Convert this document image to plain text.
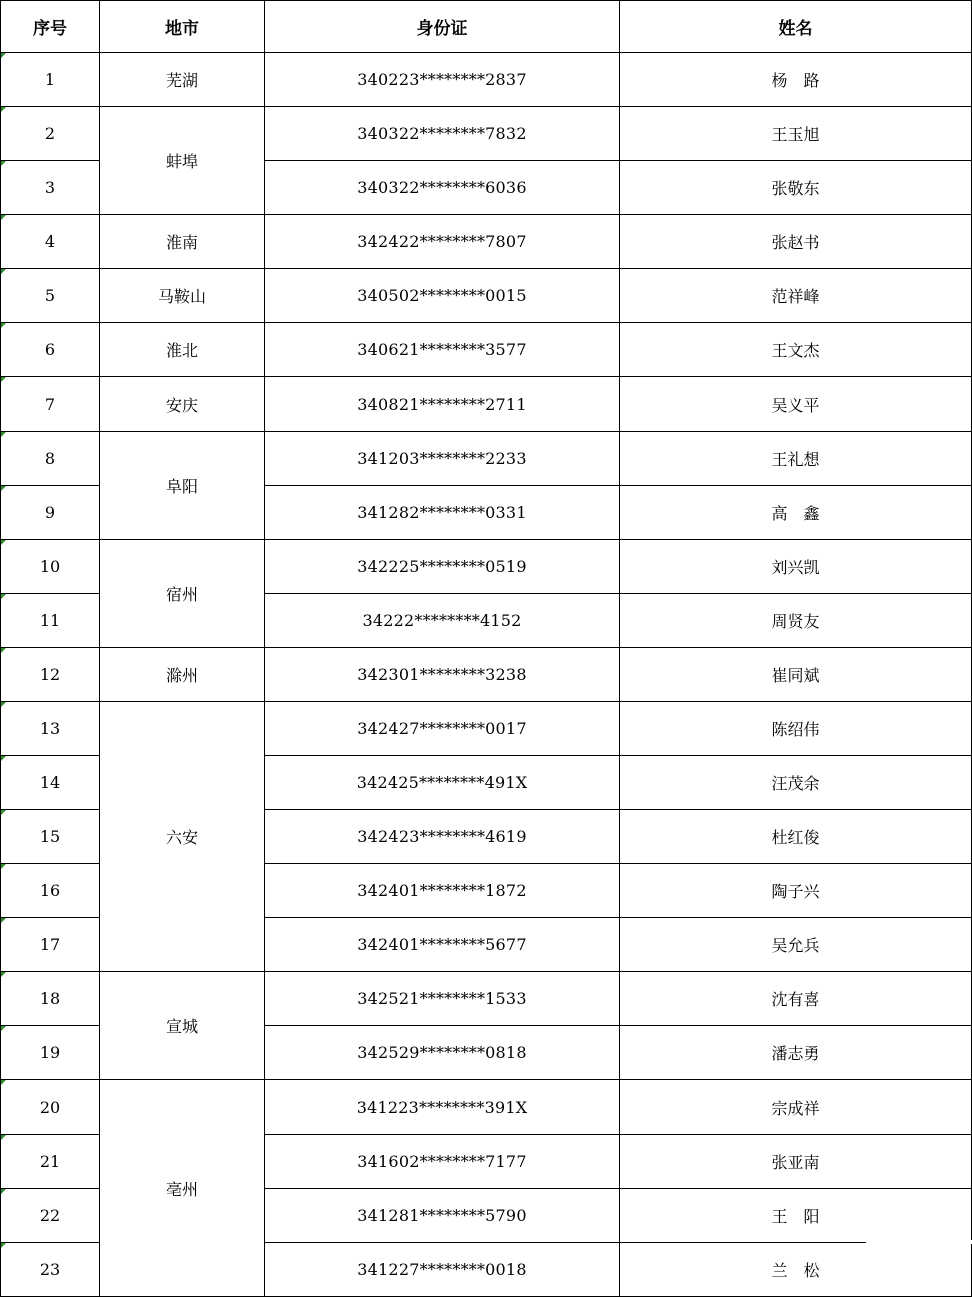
序号	地市	身份证	姓名
1	芜湖	340223********2837	杨　路
2	蚌埠	340322********7832	王玉旭
3		340322********6036	张敬东
4	淮南	342422********7807	张赵书
5	马鞍山	340502********0015	范祥峰
6	淮北	340621********3577	王文杰
7	安庆	340821********2711	吴义平
8	阜阳	341203********2233	王礼想
9		341282********0331	高　鑫
10	宿州	342225********0519	刘兴凯
11		34222********4152	周贤友
12	滁州	342301********3238	崔同斌
13	六安	342427********0017	陈绍伟
14		342425********491X	汪茂余
15		342423********4619	杜红俊
16		342401********1872	陶子兴
17		342401********5677	吴允兵
18	宣城	342521********1533	沈有喜
19		342529********0818	潘志勇
20	亳州	341223********391X	宗成祥
21		341602********7177	张亚南
22		341281********5790	王　阳
23		341227********0018	兰　松
